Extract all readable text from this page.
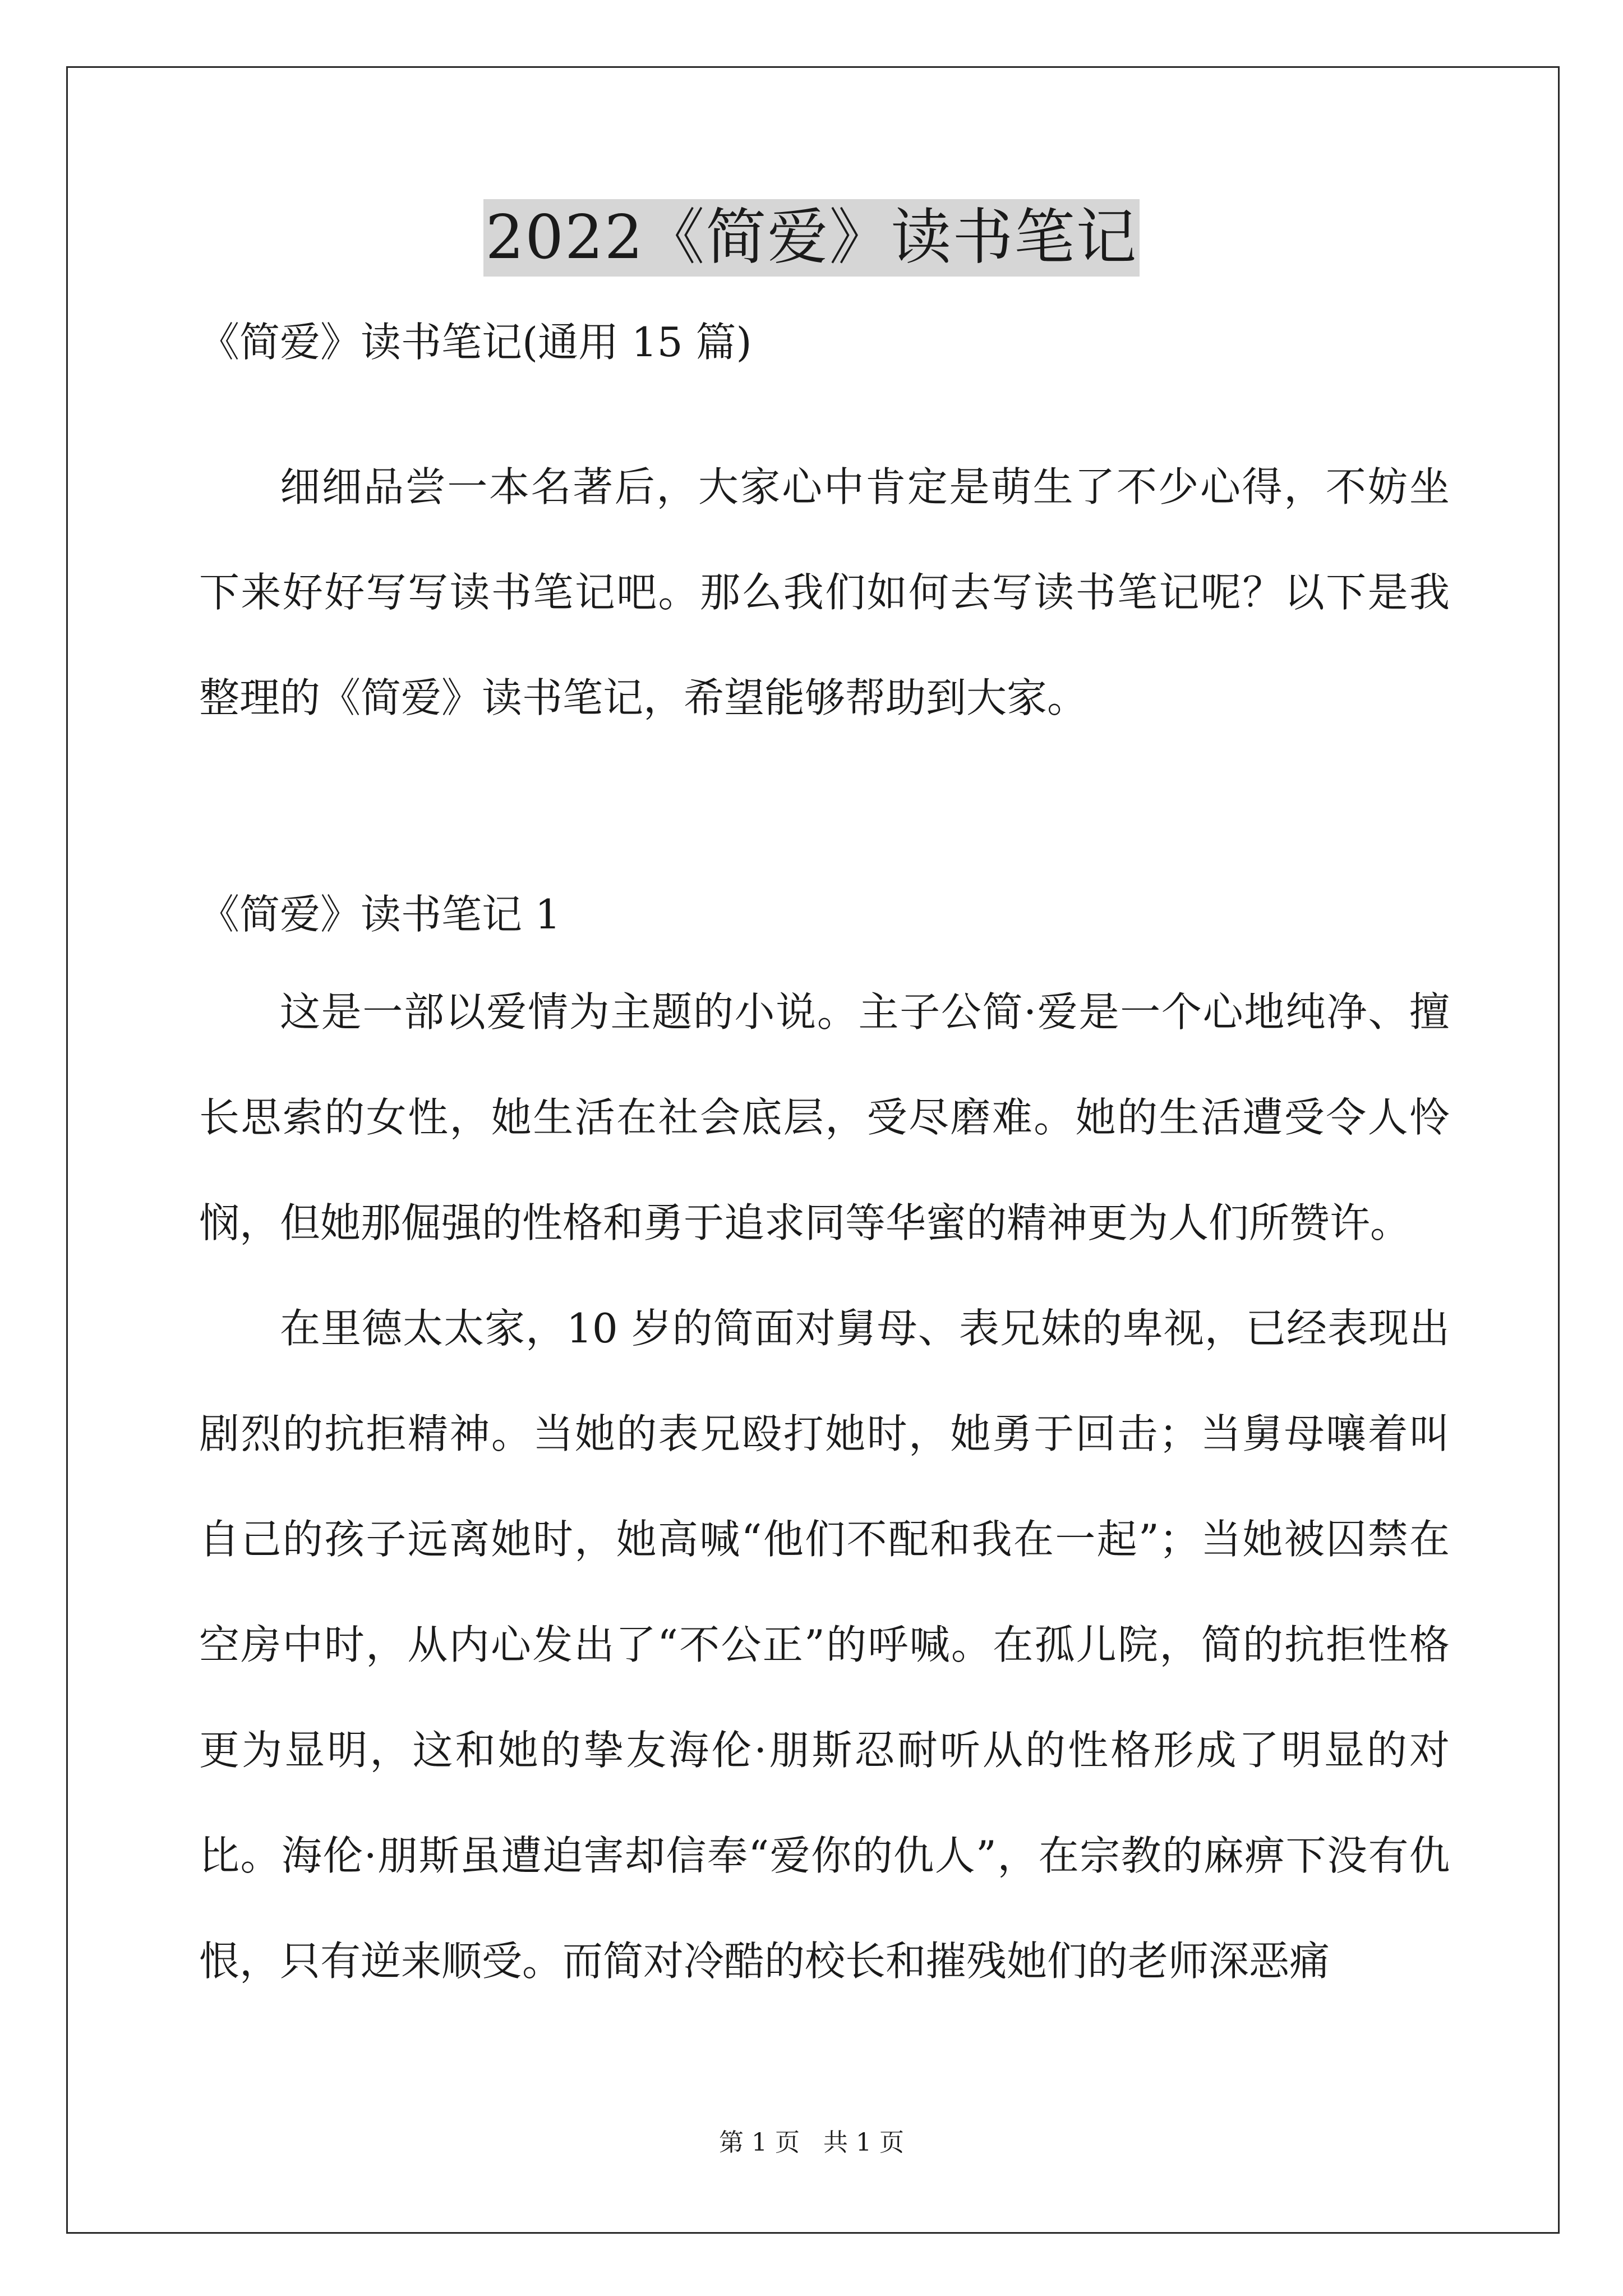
2022《简爱》读书笔记
《简爱》读书笔记(通用 15 篇)

细细品尝一本名著后，大家心中肯定是萌生了不少心得，不妨坐下来好好写写读书笔记吧。那么我们如何去写读书笔记呢？以下是我整理的《简爱》读书笔记，希望能够帮助到大家。

《简爱》读书笔记 1

这是一部以爱情为主题的小说。主子公简·爱是一个心地纯净、擅长思索的女性，她生活在社会底层，受尽磨难。她的生活遭受令人怜悯，但她那倔强的性格和勇于追求同等华蜜的精神更为人们所赞许。

在里德太太家，10 岁的简面对舅母、表兄妹的卑视，已经表现出剧烈的抗拒精神。当她的表兄殴打她时，她勇于回击；当舅母嚷着叫自己的孩子远离她时，她高喊“他们不配和我在一起”；当她被囚禁在空房中时，从内心发出了“不公正”的呼喊。在孤儿院，简的抗拒性格更为显明，这和她的挚友海伦·朋斯忍耐听从的性格形成了明显的对比。海伦·朋斯虽遭迫害却信奉“爱你的仇人”，在宗教的麻痹下没有仇恨，只有逆来顺受。而简对冷酷的校长和摧残她们的老师深恶痛

第 1 页   共 1 页
